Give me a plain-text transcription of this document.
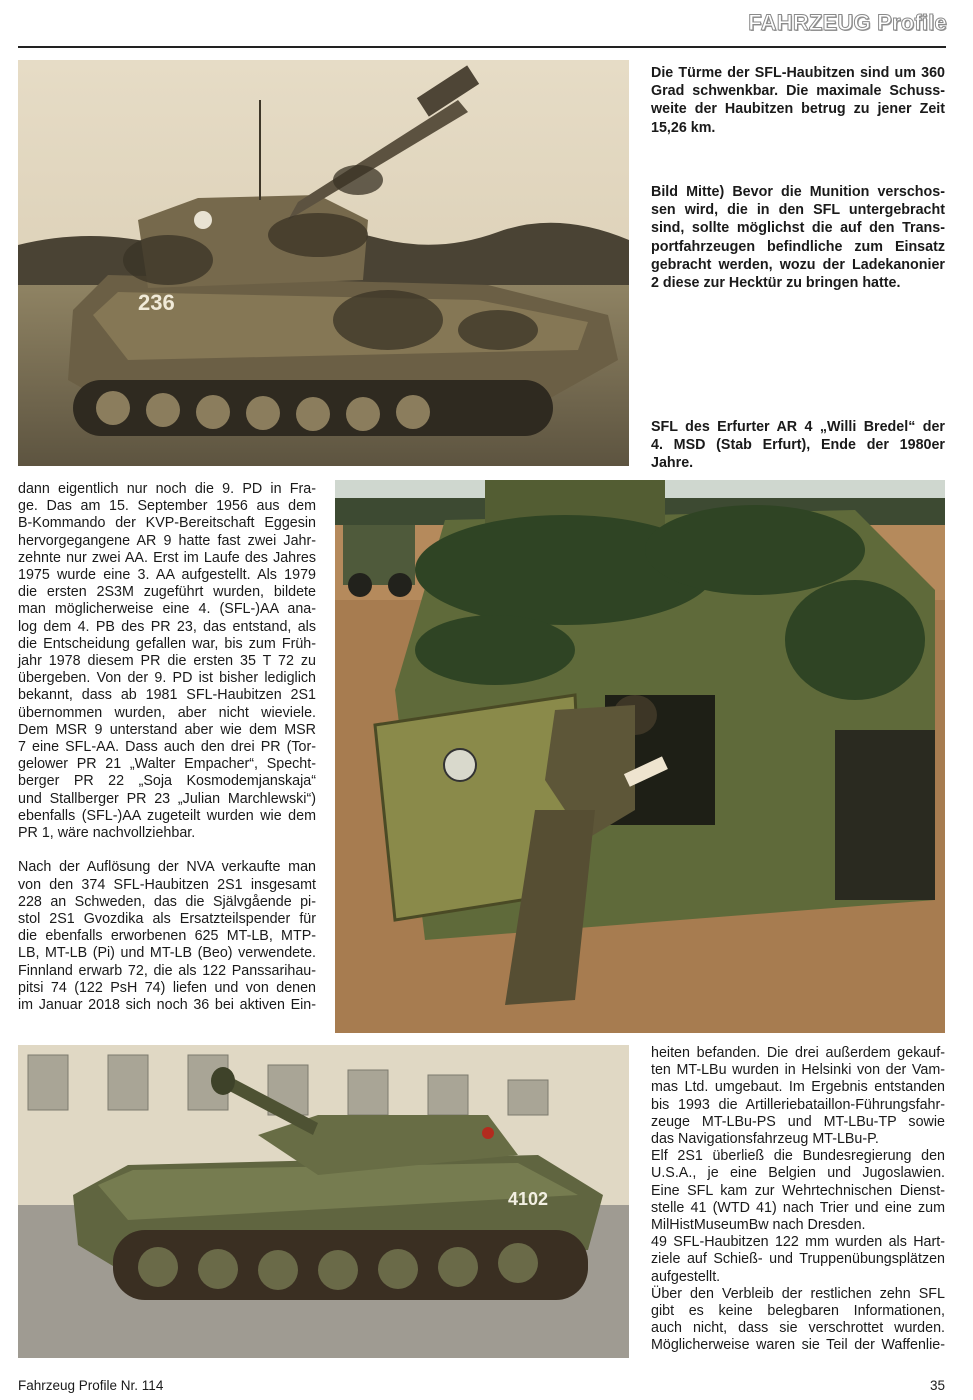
FAHRZEUG Profile
236
Die Türme der SFL-Haubitzen sind um 360
Grad schwenkbar. Die maximale Schuss-
weite der Haubitzen betrug zu jener Zeit
15,26 km.
Bild Mitte) Bevor die Munition verschos-
sen wird, die in den SFL untergebracht
sind, sollte möglichst die auf den Trans-
portfahrzeugen befindliche zum Einsatz
gebracht werden, wozu der Ladekanonier
2 diese zur Hecktür zu bringen hatte.
SFL des Erfurter AR 4 „Willi Bredel“ der
4. MSD (Stab Erfurt), Ende der 1980er
Jahre.
4102
dann eigentlich nur noch die 9. PD in Fra-
ge. Das am 15. September 1956 aus dem
B-Kommando der KVP-Bereitschaft Eggesin
hervorgegangene AR 9 hatte fast zwei Jahr-
zehnte nur zwei AA. Erst im Laufe des Jahres
1975 wurde eine 3. AA aufgestellt. Als 1979
die ersten 2S3M zugeführt wurden, bildete
man möglicherweise eine 4. (SFL-)AA ana-
log dem 4. PB des PR 23, das entstand, als
die Entscheidung gefallen war, bis zum Früh-
jahr 1978 diesem PR die ersten 35 T 72 zu
übergeben. Von der 9. PD ist bisher lediglich
bekannt, dass ab 1981 SFL-Haubitzen 2S1
übernommen wurden, aber nicht wieviele.
Dem MSR 9 unterstand aber wie dem MSR
7 eine SFL-AA. Dass auch den drei PR (Tor-
gelower PR 21 „Walter Empacher“, Specht-
berger PR 22 „Soja Kosmodemjanskaja“
und Stallberger PR 23 „Julian Marchlewski“)
ebenfalls (SFL-)AA zugeteilt wurden wie dem
PR 1, wäre nachvollziehbar.
Nach der Auflösung der NVA verkaufte man
von den 374 SFL-Haubitzen 2S1 insgesamt
228 an Schweden, das die Självgående pi-
stol 2S1 Gvozdika als Ersatzteilspender für
die ebenfalls erworbenen 625 MT-LB, MTP-
LB, MT-LB (Pi) und MT-LB (Beo) verwendete.
Finnland erwarb 72, die als 122 Panssarihau-
pitsi 74 (122 PsH 74) liefen und von denen
im Januar 2018 sich noch 36 bei aktiven Ein-
heiten befanden. Die drei außerdem gekauf-
ten MT-LBu wurden in Helsinki von der Vam-
mas Ltd. umgebaut. Im Ergebnis entstanden
bis 1993 die Artilleriebataillon-Führungsfahr-
zeuge MT-LBu-PS und MT-LBu-TP sowie
das Navigationsfahrzeug MT-LBu-P.
Elf 2S1 überließ die Bundesregierung den
U.S.A., je eine Belgien und Jugoslawien.
Eine SFL kam zur Wehrtechnischen Dienst-
stelle 41 (WTD 41) nach Trier und eine zum
MilHistMuseumBw nach Dresden.
49 SFL-Haubitzen 122 mm wurden als Hart-
ziele auf Schieß- und Truppenübungsplätzen
aufgestellt.
Über den Verbleib der restlichen zehn SFL
gibt es keine belegbaren Informationen,
auch nicht, dass sie verschrottet wurden.
Möglicherweise waren sie Teil der Waffenlie-
Fahrzeug Profile Nr. 114	35
